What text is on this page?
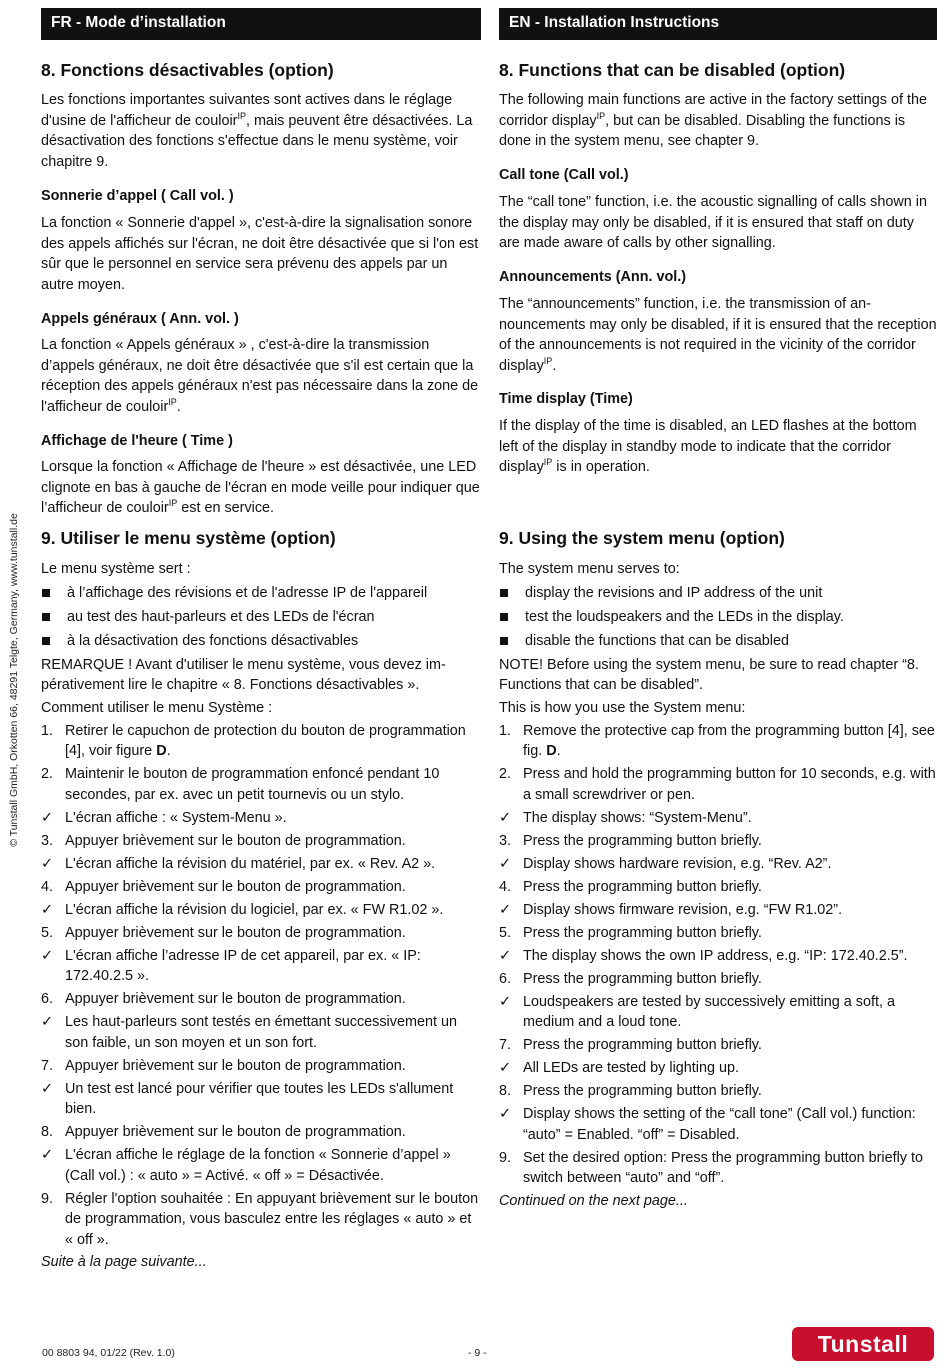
© Tunstall GmbH, Orkotten 66, 48291 Telgte, Germany, www.tunstall.de
FR - Mode d’installation
8. Fonctions désactivables (option)

Les fonctions importantes suivantes sont actives dans le réglage d'usine de l'afficheur de couloir$^{IP}$, mais peuvent être désactivées. La désactivation des fonctions s'effectue dans le menu système, voir chapitre 9.

Sonnerie d’appel ( Call vol. )

La fonction « Sonnerie d'appel », c'est-à-dire la signalisation sonore des appels affichés sur l'écran, ne doit être désactivée que si l'on est sûr que le personnel en service sera prévenu des appels par un autre moyen.

Appels généraux ( Ann. vol. )

La fonction « Appels généraux » , c'est-à-dire la transmission d’appels généraux, ne doit être désactivée que s'il est certain que la réception des appels généraux n'est pas nécessaire dans la zone de l'afficheur de couloir$^{IP}$.

Affichage de l'heure ( Time )

Lorsque la fonction « Affichage de l'heure » est désactivée, une LED clignote en bas à gauche de l'écran en mode veille pour indiquer que l’afficheur de couloir$^{IP}$ est en service.

9. Utiliser le menu système (option)

Le menu système sert :

à l’affichage des révisions et de l'adresse IP de l'appareil
au test des haut-parleurs et des LEDs de l'écran
à la désactivation des fonctions désactivables

REMARQUE ! Avant d'utiliser le menu système, vous devez impérativement lire le chapitre « 8. Fonctions désactivables ».

Comment utiliser le menu Système :

1. Retirer le capuchon de protection du bouton de programmation [4], voir figure D.
2. Maintenir le bouton de programmation enfoncé pendant 10 secondes, par ex. avec un petit tournevis ou un stylo.
✓ L'écran affiche : « System-Menu ».
3. Appuyer brièvement sur le bouton de programmation.
✓ L'écran affiche la révision du matériel, par ex. « Rev. A2 ».
4. Appuyer brièvement sur le bouton de programmation.
✓ L'écran affiche la révision du logiciel, par ex. « FW R1.02 ».
5. Appuyer brièvement sur le bouton de programmation.
✓ L'écran affiche l’adresse IP de cet appareil, par ex. « IP: 172.40.2.5 ».
6. Appuyer brièvement sur le bouton de programmation.
✓ Les haut-parleurs sont testés en émettant successivement un son faible, un son moyen et un son fort.
7. Appuyer brièvement sur le bouton de programmation.
✓ Un test est lancé pour vérifier que toutes les LEDs s'allument bien.
8. Appuyer brièvement sur le bouton de programmation.
✓ L'écran affiche le réglage de la fonction « Sonnerie d’appel » (Call vol.) : « auto » = Activé. « off » = Désactivée.
9. Régler l'option souhaitée : En appuyant brièvement sur le bouton de programmation, vous basculez entre les réglages « auto » et « off ».

Suite à la page suivante...

EN - Installation Instructions
8. Functions that can be disabled (option)

The following main functions are active in the factory settings of the corridor display$^{IP}$, but can be disabled. Disabling the functions is done in the system menu, see chapter 9.

Call tone (Call vol.)

The “call tone” function, i.e. the acoustic signalling of calls shown in the display may only be disabled, if it is ensured that staff on duty are made aware of calls by other signalling.

Announcements (Ann. vol.)

The “announcements” function, i.e. the transmission of announcements may only be disabled, if it is ensured that the reception of the announcements is not required in the vicinity of the corridor display$^{IP}$.

Time display (Time)

If the display of the time is disabled, an LED flashes at the bottom left of the display in standby mode to indicate that the corridor display$^{IP}$ is in operation.

9. Using the system menu (option)

The system menu serves to:

display the revisions and IP address of the unit
test the loudspeakers and the LEDs in the display.
disable the functions that can be disabled

NOTE! Before using the system menu, be sure to read chapter “8. Functions that can be disabled”.

This is how you use the System menu:

1. Remove the protective cap from the programming button [4], see fig. D.
2. Press and hold the programming button for 10 seconds, e.g. with a small screwdriver or pen.
✓ The display shows: “System-Menu”.
3. Press the programming button briefly.
✓ Display shows hardware revision, e.g. “Rev. A2”.
4. Press the programming button briefly.
✓ Display shows firmware revision, e.g. “FW R1.02”.
5. Press the programming button briefly.
✓ The display shows the own IP address, e.g. “IP: 172.40.2.5”.
6. Press the programming button briefly.
✓ Loudspeakers are tested by successively emitting a soft, a medium and a loud tone.
7. Press the programming button briefly.
✓ All LEDs are tested by lighting up.
8. Press the programming button briefly.
✓ Display shows the setting of the “call tone” (Call vol.) function: “auto” = Enabled. “off” = Disabled.
9. Set the desired option: Press the programming button briefly to switch between “auto” and “off”.

Continued on the next page...

00 8803 94, 01/22 (Rev. 1.0)	- 9 -	Tunstall
